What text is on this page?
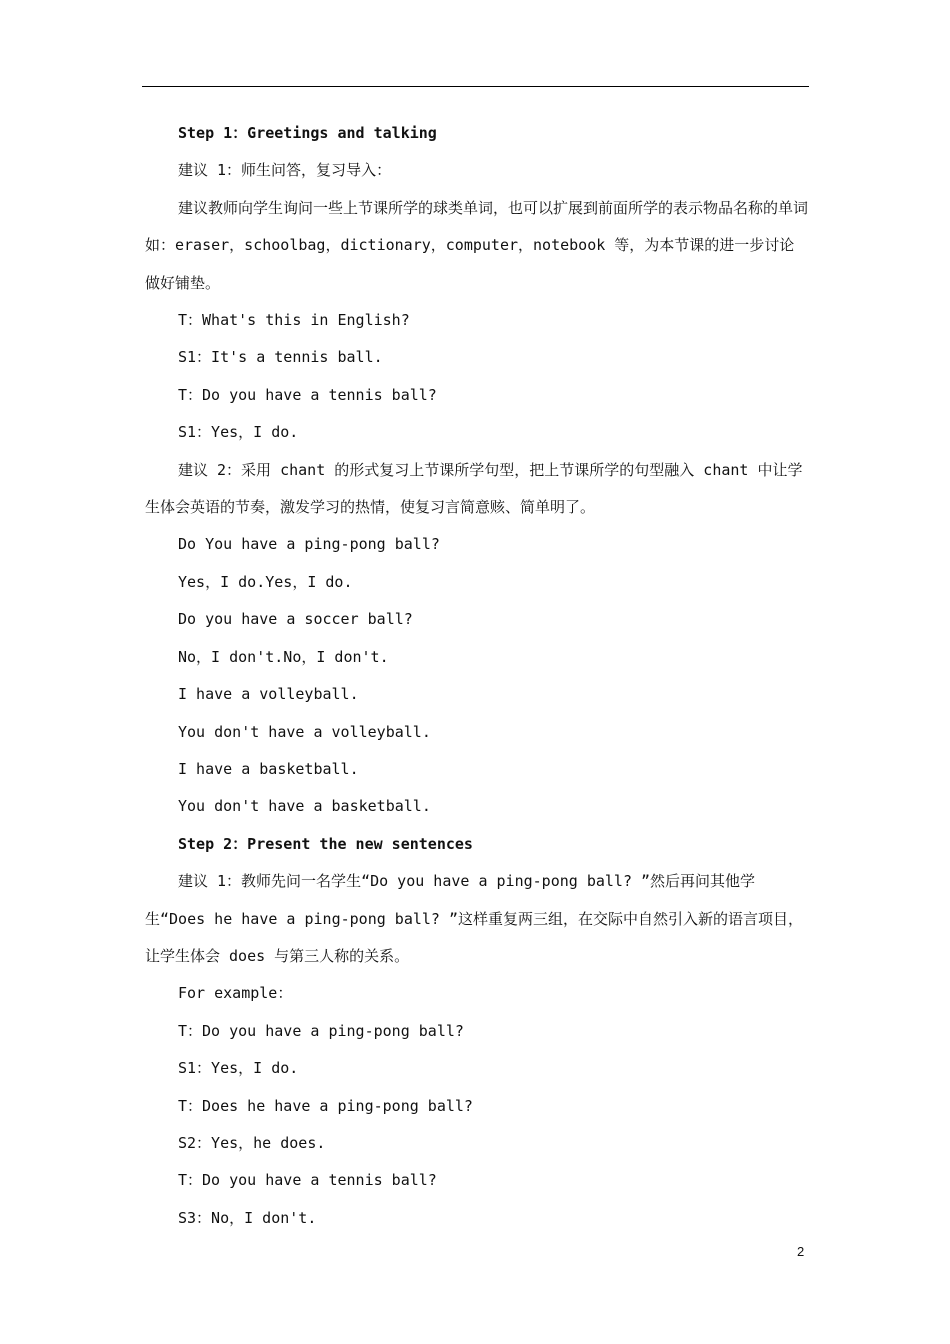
Step 1：Greetings and talking

建议 1：师生问答，复习导入：

建议教师向学生询问一些上节课所学的球类单词，也可以扩展到前面所学的表示物品名称的单词如：eraser，schoolbag，dictionary，computer，notebook 等，为本节课的进一步讨论做好铺垫。

T：What's this in English?

S1：It's a tennis ball.

T：Do you have a tennis ball?

S1：Yes，I do.

建议 2：采用 chant 的形式复习上节课所学句型，把上节课所学的句型融入 chant 中让学生体会英语的节奏，激发学习的热情，使复习言简意赅、简单明了。

Do You have a ping-pong ball?

Yes，I do.Yes，I do.

Do you have a soccer ball?

No，I don't.No，I don't.

I have a volleyball.

You don't have a volleyball.

I have a basketball.

You don't have a basketball.

Step 2：Present the new sentences

建议 1：教师先问一名学生“Do you have a ping-pong ball? ”然后再问其他学生“Does he have a ping-pong ball? ”这样重复两三组，在交际中自然引入新的语言项目，让学生体会 does 与第三人称的关系。

For example：

T：Do you have a ping-pong ball?

S1：Yes，I do.

T：Does he have a ping-pong ball?

S2：Yes，he does.

T：Do you have a tennis ball?

S3：No，I don't.

2
